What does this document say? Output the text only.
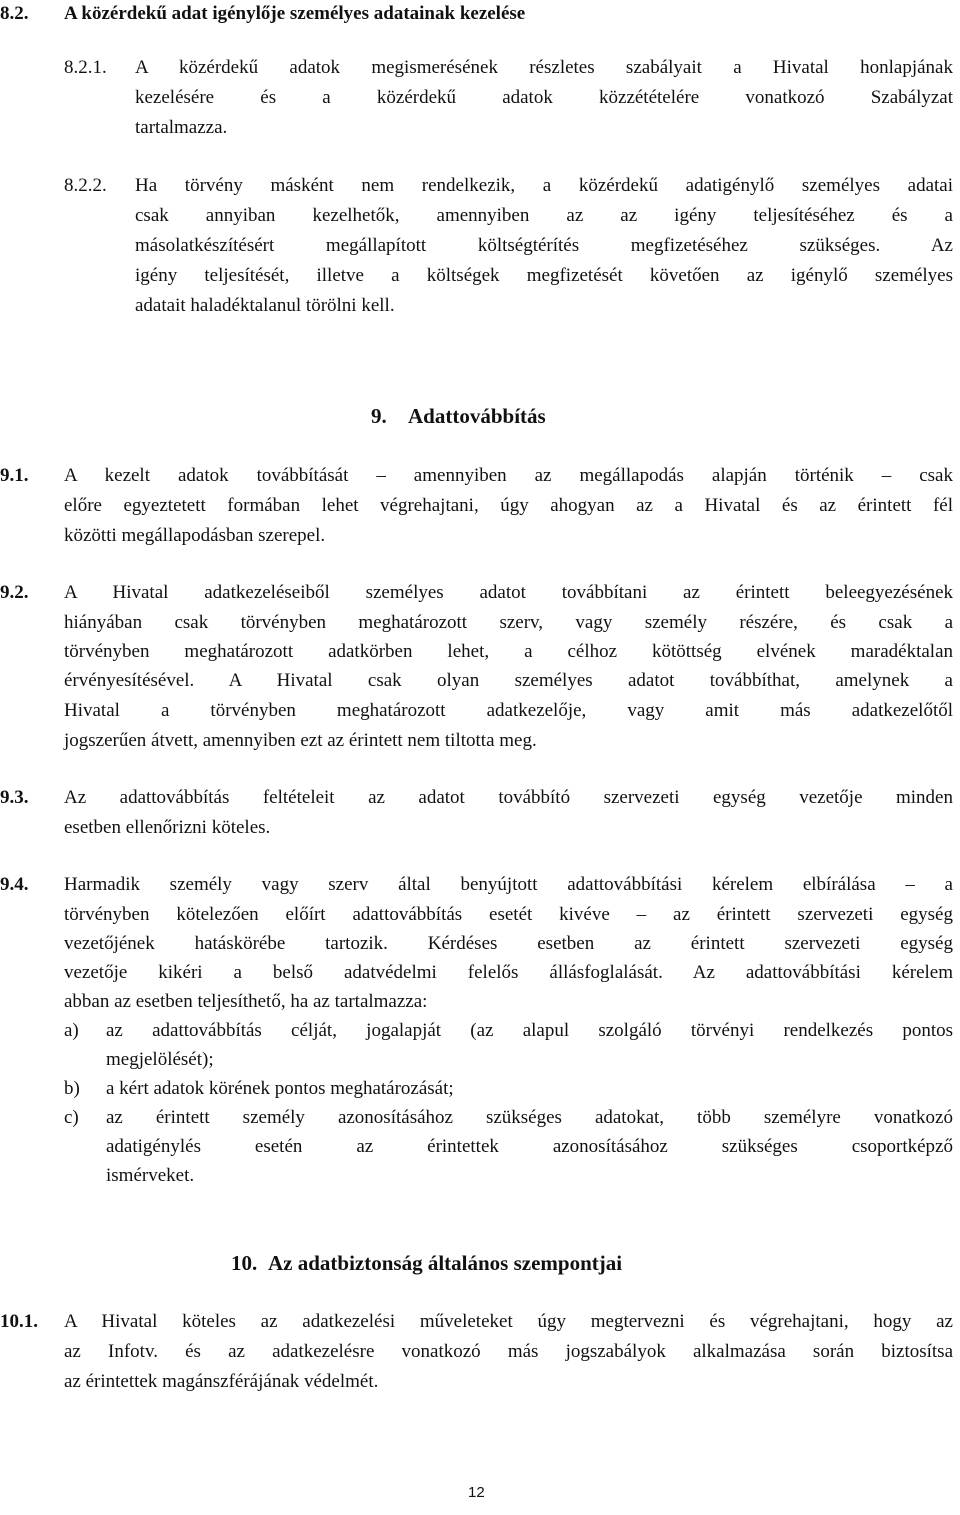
8.2. A közérdekű adat igénylője személyes adatainak kezelése
8.2.1. A közérdekű adatok megismerésének részletes szabályait a Hivatal honlapjának
kezelésére és a közérdekű adatok közzétételére vonatkozó Szabályzat
tartalmazza.
8.2.2. Ha törvény másként nem rendelkezik, a közérdekű adatigénylő személyes adatai
csak annyiban kezelhetők, amennyiben az az igény teljesítéséhez és a
másolatkészítésért megállapított költségtérítés megfizetéséhez szükséges. Az
igény teljesítését, illetve a költségek megfizetését követően az igénylő személyes
adatait haladéktalanul törölni kell.
9. Adattovábbítás
9.1. A kezelt adatok továbbítását – amennyiben az megállapodás alapján történik – csak
előre egyeztetett formában lehet végrehajtani, úgy ahogyan az a Hivatal és az érintett fél
közötti megállapodásban szerepel.
9.2. A Hivatal adatkezeléseiből személyes adatot továbbítani az érintett beleegyezésének
hiányában csak törvényben meghatározott szerv, vagy személy részére, és csak a
törvényben meghatározott adatkörben lehet, a célhoz kötöttség elvének maradéktalan
érvényesítésével. A Hivatal csak olyan személyes adatot továbbíthat, amelynek a
Hivatal a törvényben meghatározott adatkezelője, vagy amit más adatkezelőtől
jogszerűen átvett, amennyiben ezt az érintett nem tiltotta meg.
9.3. Az adattovábbítás feltételeit az adatot továbbító szervezeti egység vezetője minden
esetben ellenőrizni köteles.
9.4. Harmadik személy vagy szerv által benyújtott adattovábbítási kérelem elbírálása – a
törvényben kötelezően előírt adattovábbítás esetét kivéve – az érintett szervezeti egység
vezetőjének hatáskörébe tartozik. Kérdéses esetben az érintett szervezeti egység
vezetője kikéri a belső adatvédelmi felelős állásfoglalását. Az adattovábbítási kérelem
abban az esetben teljesíthető, ha az tartalmazza:
a) az adattovábbítás célját, jogalapját (az alapul szolgáló törvényi rendelkezés pontos
megjelölését);
b) a kért adatok körének pontos meghatározását;
c) az érintett személy azonosításához szükséges adatokat, több személyre vonatkozó
adatigénylés esetén az érintettek azonosításához szükséges csoportképző
ismérveket.
10. Az adatbiztonság általános szempontjai
10.1. A Hivatal köteles az adatkezelési műveleteket úgy megtervezni és végrehajtani, hogy az
az Infotv. és az adatkezelésre vonatkozó más jogszabályok alkalmazása során biztosítsa
az érintettek magánszférájának védelmét.
12
